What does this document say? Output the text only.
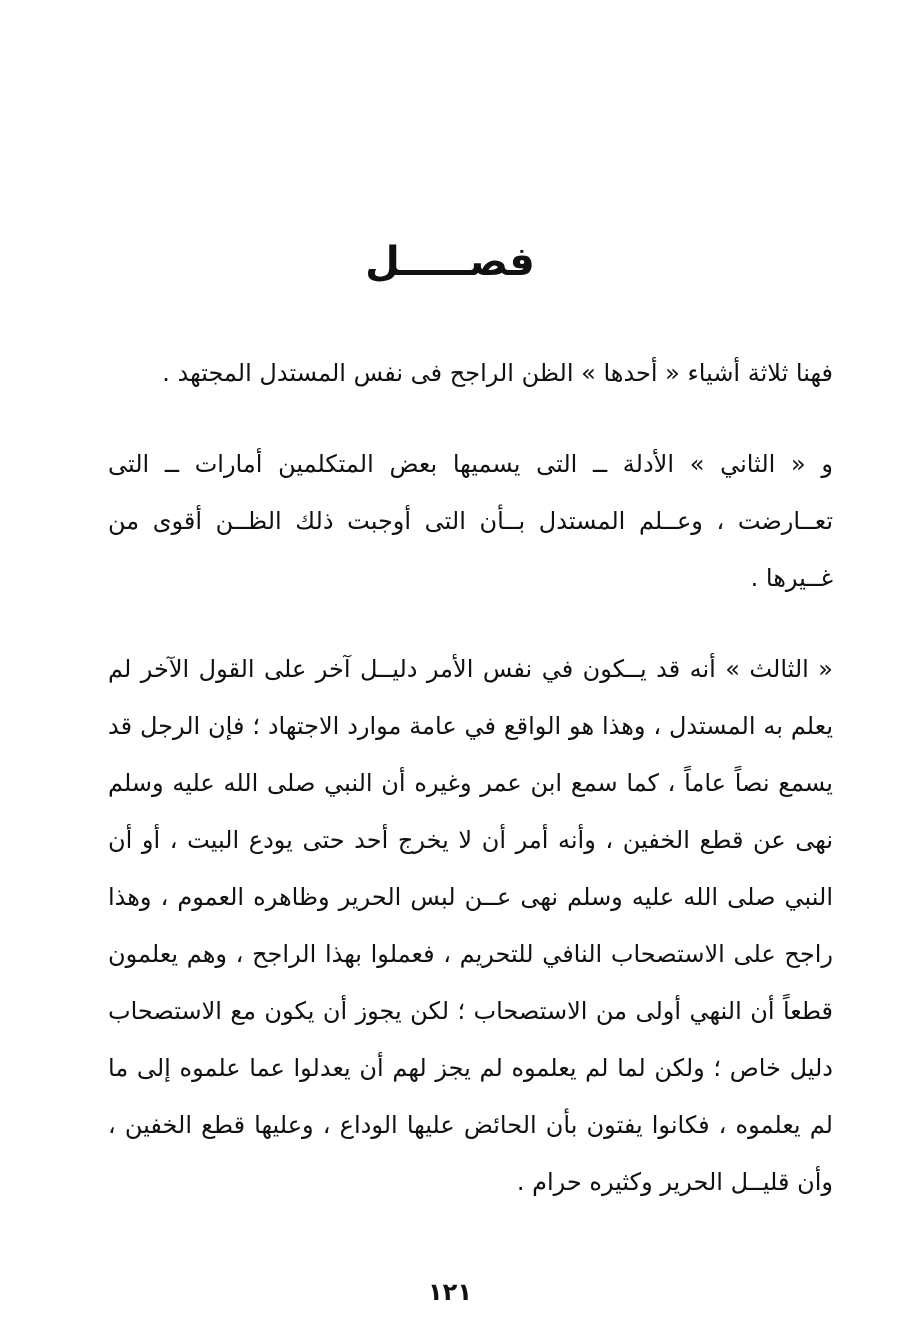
فصـــــل

فهنا ثلاثة أشياء « أحدها » الظن الراجح فى نفس المستدل المجتهد .

و « الثاني » الأدلة ــ التى يسميها بعض المتكلمين أمارات ــ التى تعــارضت ، وعــلم المستدل بــأن التى أوجبت ذلك الظــن أقوى من غــيرها .

« الثالث » أنه قد يــكون في نفس الأمر دليــل آخر على القول الآخر لم يعلم به المستدل ، وهذا هو الواقع في عامة موارد الاجتهاد ؛ فإن الرجل قد يسمع نصاً عاماً ، كما سمع ابن عمر وغيره أن النبي صلى الله عليه وسلم نهى عن قطع الخفين ، وأنه أمر أن لا يخرج أحد حتى يودع البيت ، أو أن النبي صلى الله عليه وسلم نهى عــن لبس الحرير وظاهره العموم ، وهذا راجح على الاستصحاب النافي للتحريم ، فعملوا بهذا الراجح ، وهم يعلمون قطعاً أن النهي أولى من الاستصحاب ؛ لكن يجوز أن يكون مع الاستصحاب دليل خاص ؛ ولكن لما لم يعلموه لم يجز لهم أن يعدلوا عما علموه إلى ما لم يعلموه ، فكانوا يفتون بأن الحائض عليها الوداع ، وعليها قطع الخفين ، وأن قليــل الحرير وكثيره حرام .

١٢١
